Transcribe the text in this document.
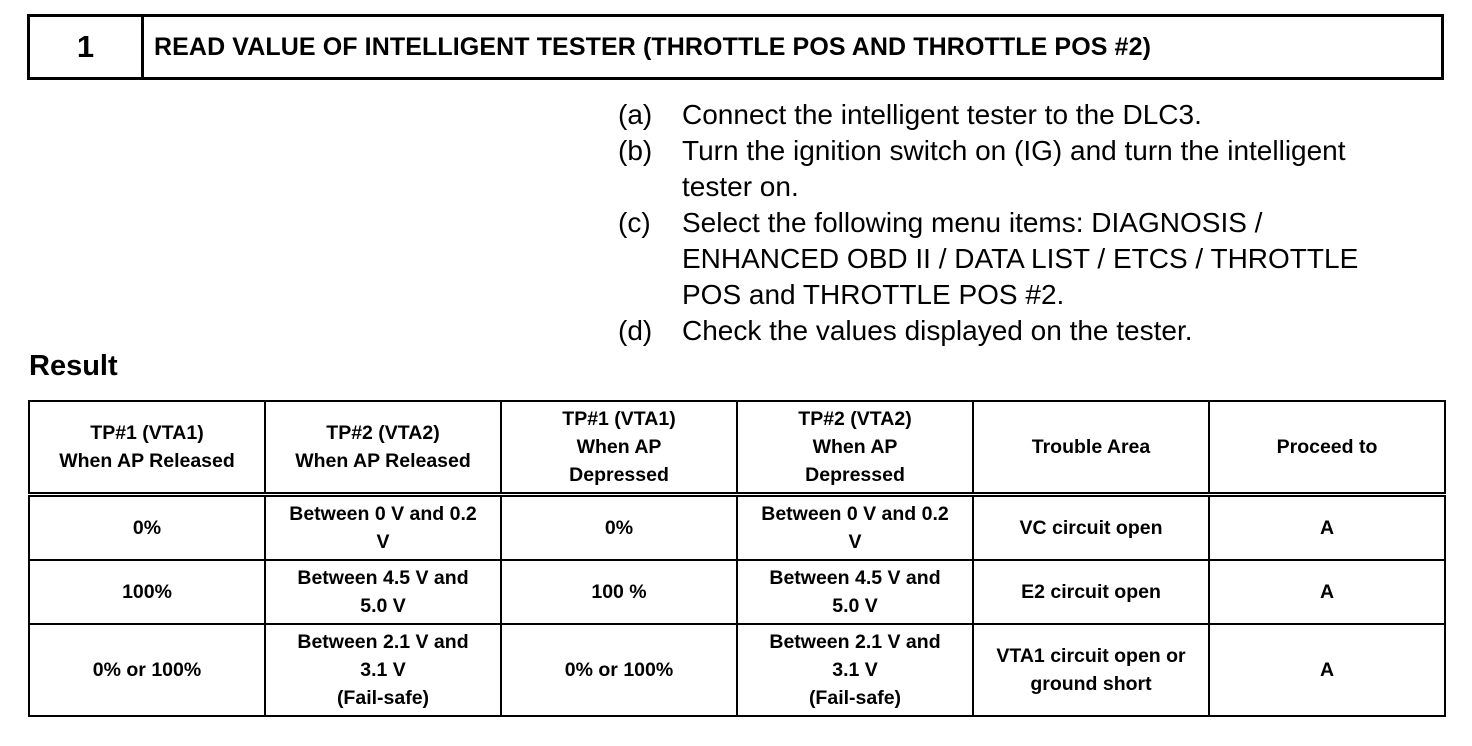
1	READ VALUE OF INTELLIGENT TESTER (THROTTLE POS AND THROTTLE POS #2)
(a)	Connect the intelligent tester to the DLC3.
(b)	Turn the ignition switch on (IG) and turn the intelligent
tester on.
(c)	Select the following menu items: DIAGNOSIS /
ENHANCED OBD II / DATA LIST / ETCS / THROTTLE
POS and THROTTLE POS #2.
(d)	Check the values displayed on the tester.
Result
TP#1 (VTA1)
When AP Released	TP#2 (VTA2)
When AP Released	TP#1 (VTA1)
When AP
Depressed	TP#2 (VTA2)
When AP
Depressed	Trouble Area	Proceed to

0%	Between 0 V and 0.2
V	0%	Between 0 V and 0.2
V	VC circuit open	A

100%	Between 4.5 V and
5.0 V	100 %	Between 4.5 V and
5.0 V	E2 circuit open	A

0% or 100%	Between 2.1 V and
3.1 V
(Fail-safe)	0% or 100%	Between 2.1 V and
3.1 V
(Fail-safe)	VTA1 circuit open or
ground short	A
